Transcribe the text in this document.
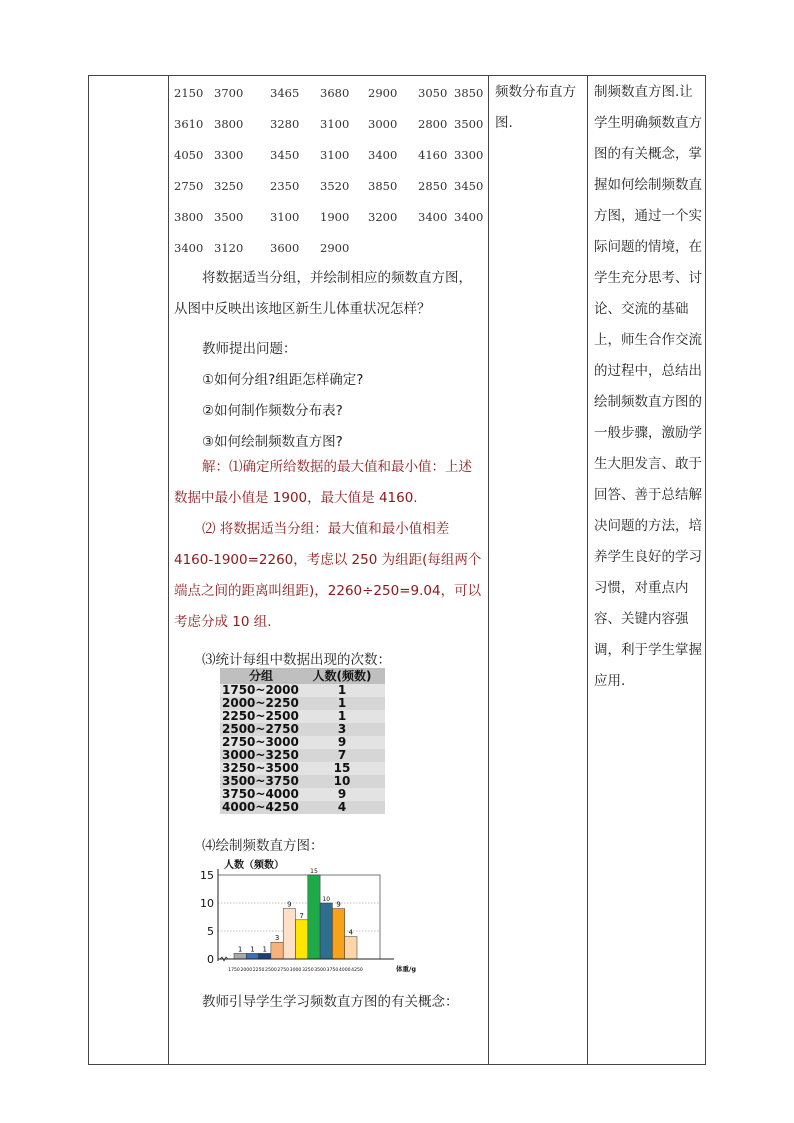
2150 3700 3465 3680 2900 3050 3850
3610 3800 3280 3100 3000 2800 3500
4050 3300 3450 3100 3400 4160 3300
2750 3250 2350 3520 3850 2850 3450
3800 3500 3100 1900 3200 3400 3400
3400 3120 3600 2900
将数据适当分组，并绘制相应的频数直方图，从图中反映出该地区新生儿体重状况怎样？
教师提出问题：
①如何分组?组距怎样确定?
②如何制作频数分布表?
③如何绘制频数直方图?
解：⑴确定所给数据的最大值和最小值：上述数据中最小值是 1900，最大值是 4160.
⑵ 将数据适当分组：最大值和最小值相差4160-1900=2260，考虑以 250 为组距(每组两个端点之间的距离叫组距)，2260÷250=9.04，可以考虑分成 10 组.
⑶统计每组中数据出现的次数：
⑷绘制频数直方图：
教师引导学生学习频数直方图的有关概念：
分组	人数(频数)
1750~2000	1
2000~2250	1
2250~2500	1
2500~2750	3
2750~3000	9
3000~3250	7
3250~3500	15
3500~3750	10
3750~4000	9
4000~4250	4
1 1 1
3
9
7
15
10
9
4
0
5
10
15
1750 2000 2250 2500 2750 3000 3250 3500 3750 4000 4250
人数（频数）
体重/g
频数分布直方图.
制频数直方图.让学生明确频数直方图的有关概念，掌握如何绘制频数直方图，通过一个实际问题的情境，在学生充分思考、讨论、交流的基础上，师生合作交流的过程中，总结出绘制频数直方图的一般步骤，激励学生大胆发言、敢于回答、善于总结解决问题的方法，培养学生良好的学习习惯，对重点内容、关键内容强调，利于学生掌握应用.
